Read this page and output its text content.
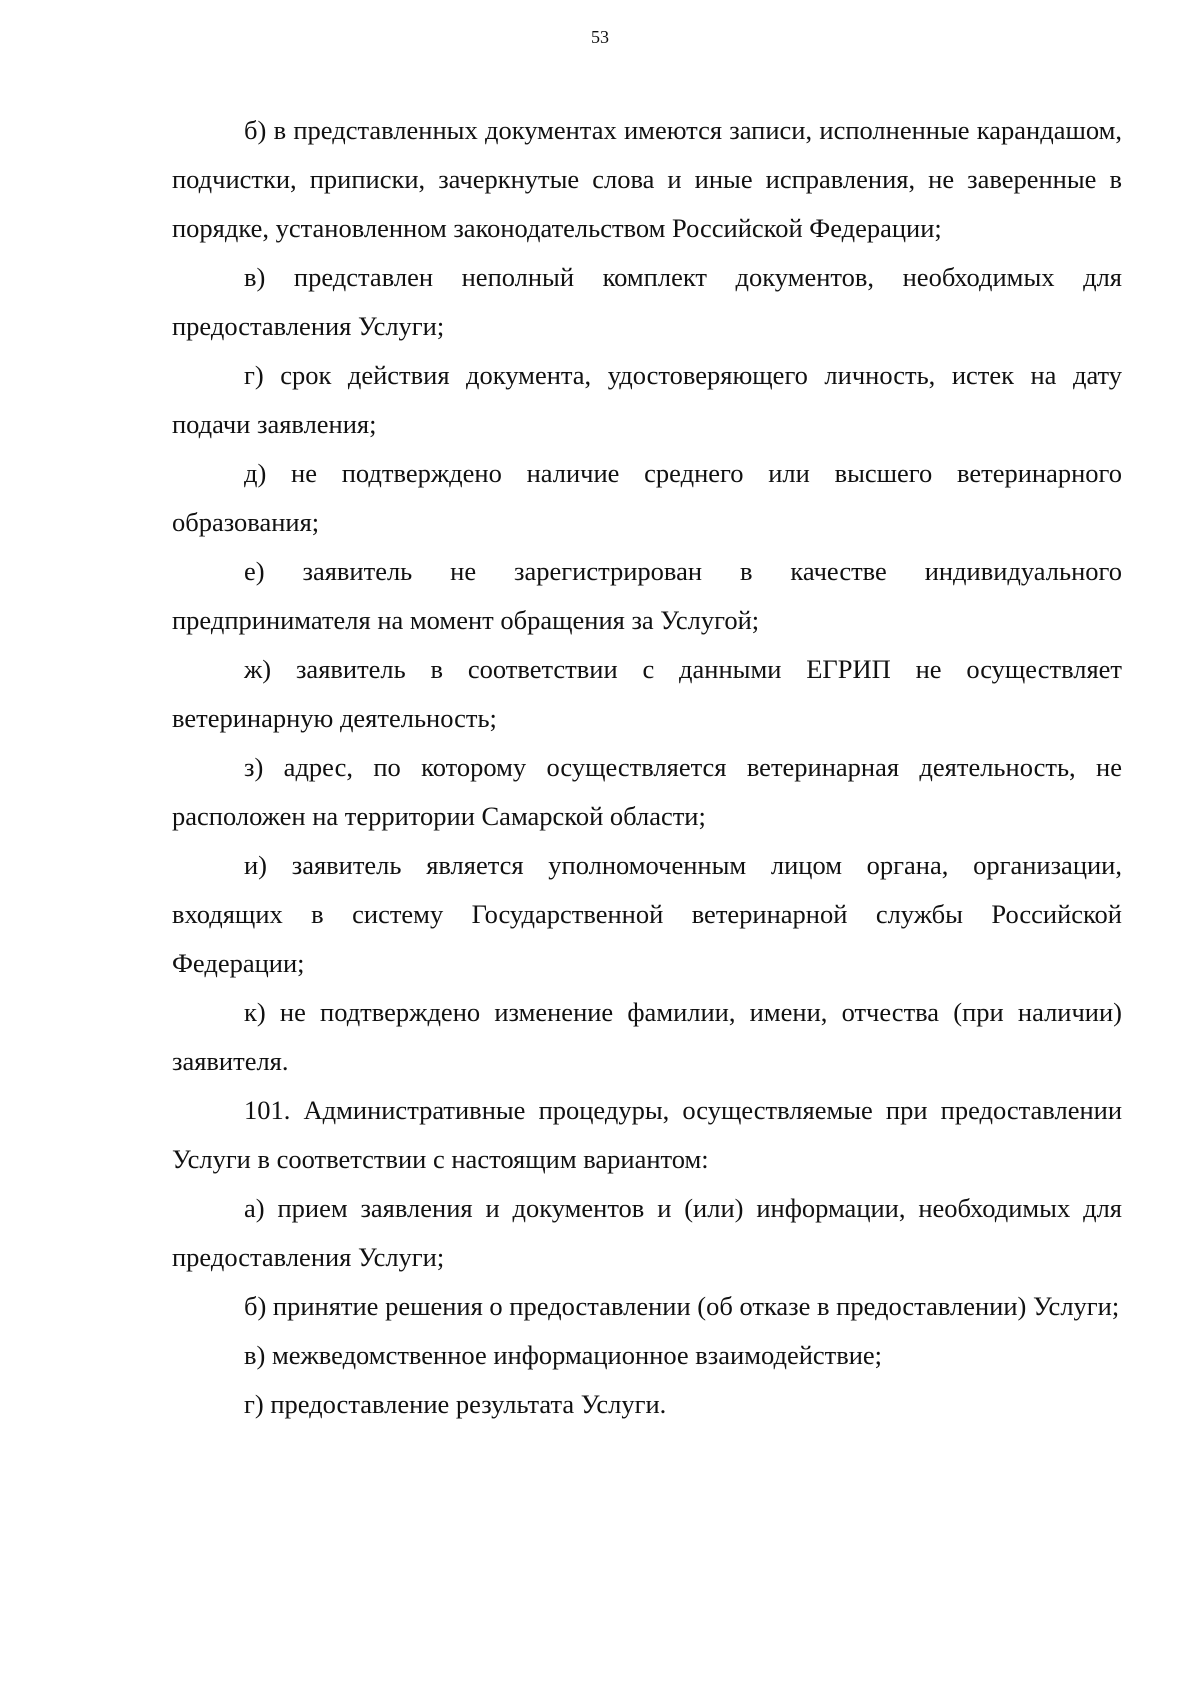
53

б) в представленных документах имеются записи, исполненные карандашом, подчистки, приписки, зачеркнутые слова и иные исправления, не заверенные в порядке, установленном законодательством Российской Федерации;

в) представлен неполный комплект документов, необходимых для предоставления Услуги;

г) срок действия документа, удостоверяющего личность, истек на дату подачи заявления;

д) не подтверждено наличие среднего или высшего ветеринарного образования;

е) заявитель не зарегистрирован в качестве индивидуального предпринимателя на момент обращения за Услугой;

ж) заявитель в соответствии с данными ЕГРИП не осуществляет ветеринарную деятельность;

з) адрес, по которому осуществляется ветеринарная деятельность, не расположен на территории Самарской области;

и) заявитель является уполномоченным лицом органа, организации, входящих в систему Государственной ветеринарной службы Российской Федерации;

к) не подтверждено изменение фамилии, имени, отчества (при наличии) заявителя.

101. Административные процедуры, осуществляемые при предоставлении Услуги в соответствии с настоящим вариантом:

а) прием заявления и документов и (или) информации, необходимых для предоставления Услуги;

б) принятие решения о предоставлении (об отказе в предоставлении) Услуги;

в) межведомственное информационное взаимодействие;

г) предоставление результата Услуги.
